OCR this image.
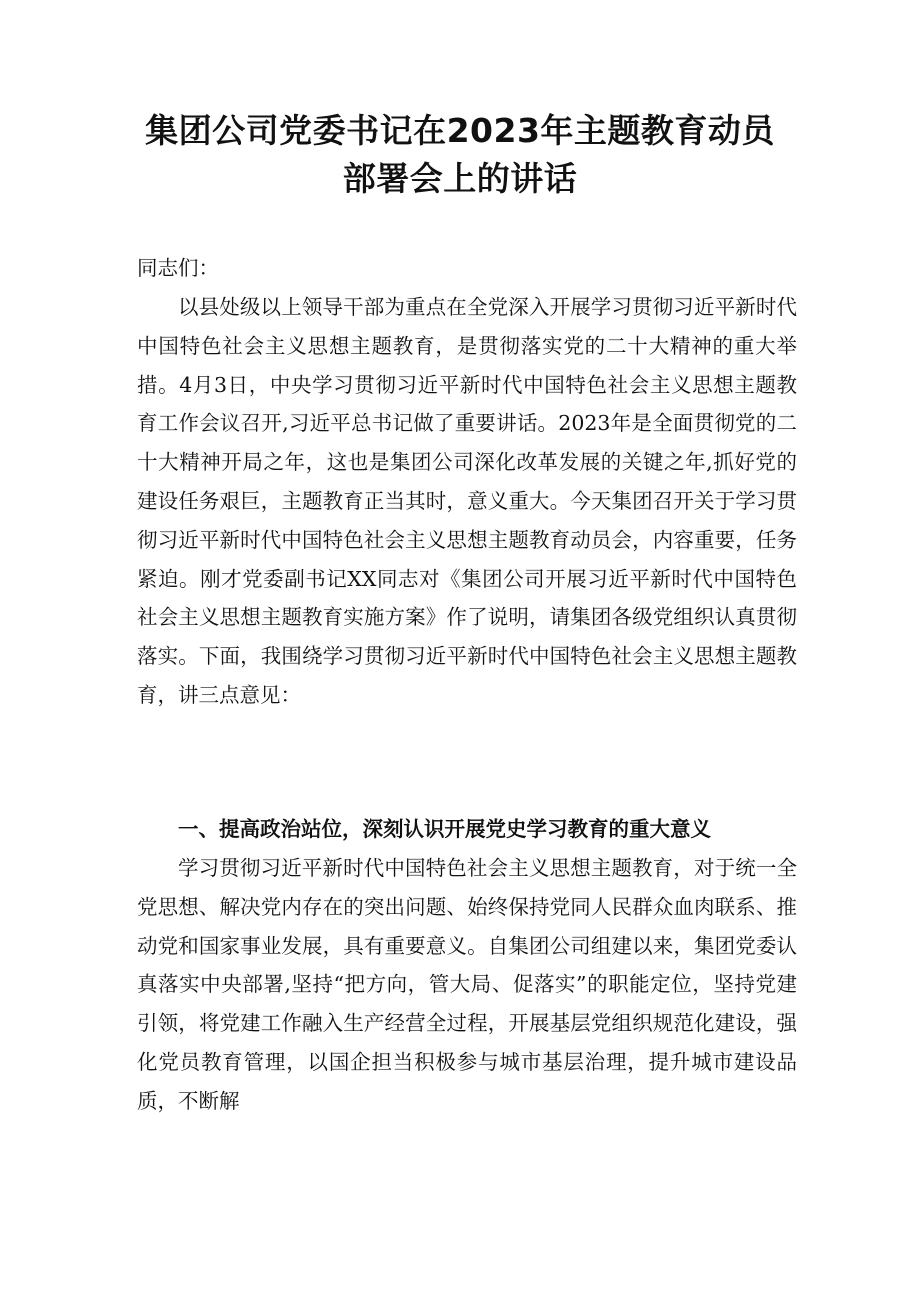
集团公司党委书记在2023年主题教育动员
部署会上的讲话

同志们：

以县处级以上领导干部为重点在全党深入开展学习贯彻习近平新时代中国特色社会主义思想主题教育，是贯彻落实党的二十大精神的重大举措。4月3日，中央学习贯彻习近平新时代中国特色社会主义思想主题教育工作会议召开,习近平总书记做了重要讲话。2023年是全面贯彻党的二十大精神开局之年，这也是集团公司深化改革发展的关键之年,抓好党的建设任务艰巨，主题教育正当其时，意义重大。今天集团召开关于学习贯彻习近平新时代中国特色社会主义思想主题教育动员会，内容重要，任务紧迫。刚才党委副书记XX同志对《集团公司开展习近平新时代中国特色社会主义思想主题教育实施方案》作了说明，请集团各级党组织认真贯彻落实。下面，我围绕学习贯彻习近平新时代中国特色社会主义思想主题教育，讲三点意见：

一、提高政治站位，深刻认识开展党史学习教育的重大意义

学习贯彻习近平新时代中国特色社会主义思想主题教育，对于统一全党思想、解决党内存在的突出问题、始终保持党同人民群众血肉联系、推动党和国家事业发展，具有重要意义。自集团公司组建以来，集团党委认真落实中央部署,坚持“把方向，管大局、促落实”的职能定位，坚持党建引领，将党建工作融入生产经营全过程，开展基层党组织规范化建设，强化党员教育管理，以国企担当积极参与城市基层治理，提升城市建设品质，不断解
